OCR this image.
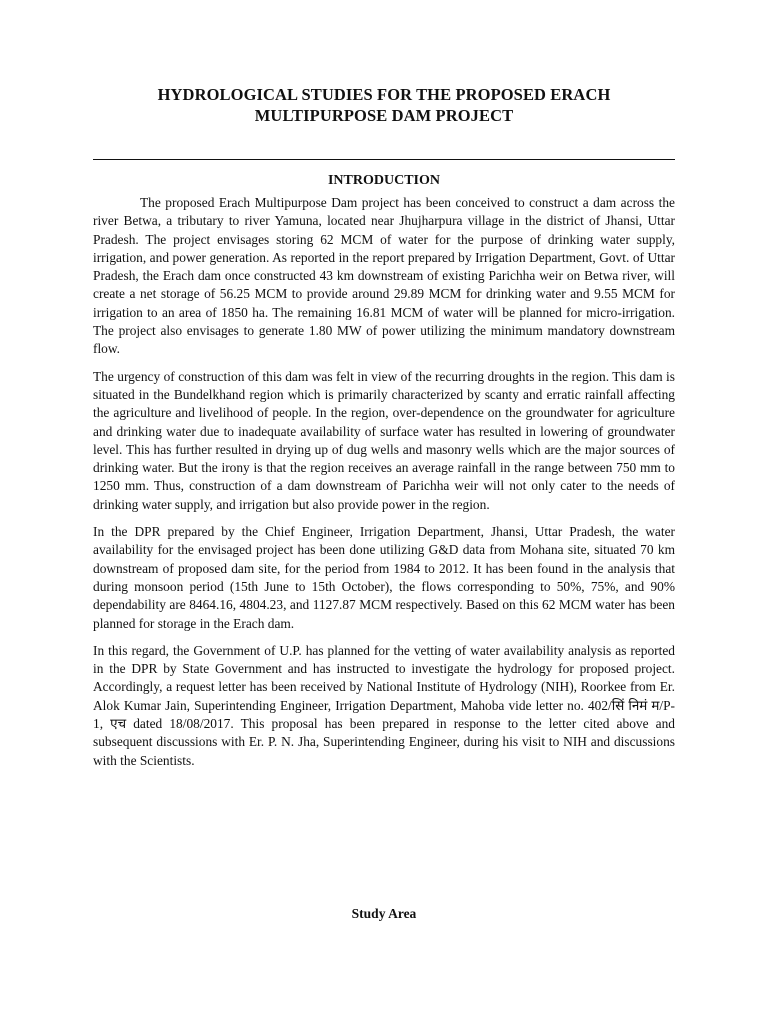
HYDROLOGICAL STUDIES FOR THE PROPOSED ERACH
MULTIPURPOSE DAM PROJECT
INTRODUCTION

The proposed Erach Multipurpose Dam project has been conceived to construct a dam across the river Betwa, a tributary to river Yamuna, located near Jhujharpura village in the district of Jhansi, Uttar Pradesh. The project envisages storing 62 MCM of water for the purpose of drinking water supply, irrigation, and power generation. As reported in the report prepared by Irrigation Department, Govt. of Uttar Pradesh, the Erach dam once constructed 43 km downstream of existing Parichha weir on Betwa river, will create a net storage of 56.25 MCM to provide around 29.89 MCM for drinking water and 9.55 MCM for irrigation to an area of 1850 ha. The remaining 16.81 MCM of water will be planned for micro-irrigation. The project also envisages to generate 1.80 MW of power utilizing the minimum mandatory downstream flow.

The urgency of construction of this dam was felt in view of the recurring droughts in the region. This dam is situated in the Bundelkhand region which is primarily characterized by scanty and erratic rainfall affecting the agriculture and livelihood of people. In the region, over-dependence on the groundwater for agriculture and drinking water due to inadequate availability of surface water has resulted in lowering of groundwater level. This has further resulted in drying up of dug wells and masonry wells which are the major sources of drinking water. But the irony is that the region receives an average rainfall in the range between 750 mm to 1250 mm. Thus, construction of a dam downstream of Parichha weir will not only cater to the needs of drinking water supply, and irrigation but also provide power in the region.

In the DPR prepared by the Chief Engineer, Irrigation Department, Jhansi, Uttar Pradesh, the water availability for the envisaged project has been done utilizing G&D data from Mohana site, situated 70 km downstream of proposed dam site, for the period from 1984 to 2012. It has been found in the analysis that during monsoon period (15th June to 15th October), the flows corresponding to 50%, 75%, and 90% dependability are 8464.16, 4804.23, and 1127.87 MCM respectively. Based on this 62 MCM water has been planned for storage in the Erach dam.

In this regard, the Government of U.P. has planned for the vetting of water availability analysis as reported in the DPR by State Government and has instructed to investigate the hydrology for proposed project. Accordingly, a request letter has been received by National Institute of Hydrology (NIH), Roorkee from Er. Alok Kumar Jain, Superintending Engineer, Irrigation Department, Mahoba vide letter no. 402/सिं निमं म/P-1, एच dated 18/08/2017. This proposal has been prepared in response to the letter cited above and subsequent discussions with Er. P. N. Jha, Superintending Engineer, during his visit to NIH and discussions with the Scientists.

Study Area
